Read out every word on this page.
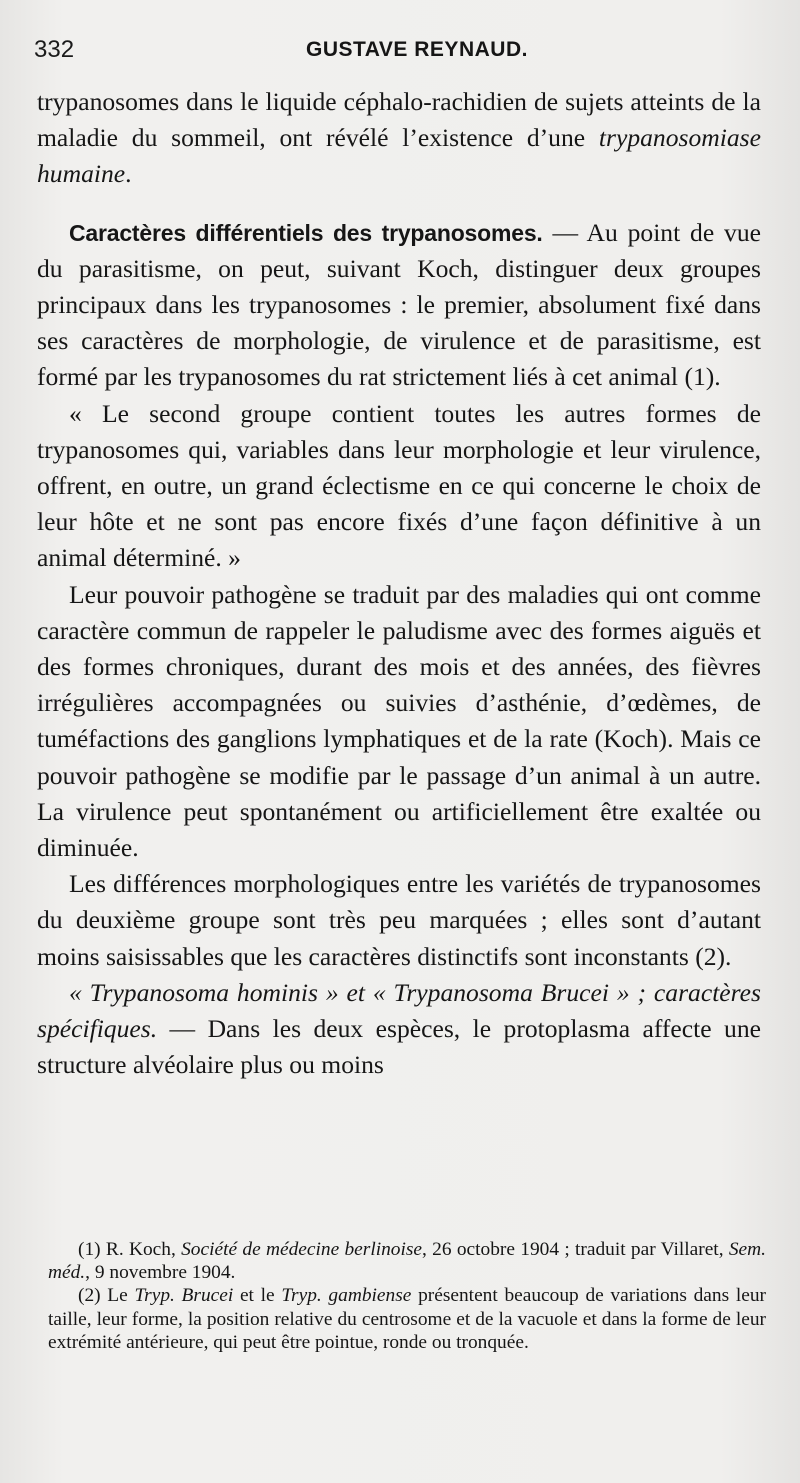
332	GUSTAVE REYNAUD.

trypanosomes dans le liquide céphalo-rachidien de sujets atteints de la maladie du sommeil, ont révélé l’existence d’une trypanosomiase humaine.

Caractères différentiels des trypanosomes. — Au point de vue du parasitisme, on peut, suivant Koch, distinguer deux groupes principaux dans les trypanosomes : le premier, absolument fixé dans ses caractères de morphologie, de virulence et de parasitisme, est formé par les trypanosomes du rat strictement liés à cet animal (1).

« Le second groupe contient toutes les autres formes de trypanosomes qui, variables dans leur morphologie et leur virulence, offrent, en outre, un grand éclectisme en ce qui concerne le choix de leur hôte et ne sont pas encore fixés d’une façon définitive à un animal déterminé. »

Leur pouvoir pathogène se traduit par des maladies qui ont comme caractère commun de rappeler le paludisme avec des formes aiguës et des formes chroniques, durant des mois et des années, des fièvres irrégulières accompagnées ou suivies d’asthénie, d’œdèmes, de tuméfactions des ganglions lymphatiques et de la rate (Koch). Mais ce pouvoir pathogène se modifie par le passage d’un animal à un autre. La virulence peut spontanément ou artificiellement être exaltée ou diminuée.

Les différences morphologiques entre les variétés de trypanosomes du deuxième groupe sont très peu marquées ; elles sont d’autant moins saisissables que les caractères distinctifs sont inconstants (2).

« Trypanosoma hominis » et « Trypanosoma Brucei » ; caractères spécifiques. — Dans les deux espèces, le protoplasma affecte une structure alvéolaire plus ou moins

(1) R. Koch, Société de médecine berlinoise, 26 octobre 1904 ; traduit par Villaret, Sem. méd., 9 novembre 1904.

(2) Le Tryp. Brucei et le Tryp. gambiense présentent beaucoup de variations dans leur taille, leur forme, la position relative du centrosome et de la vacuole et dans la forme de leur extrémité antérieure, qui peut être pointue, ronde ou tronquée.
